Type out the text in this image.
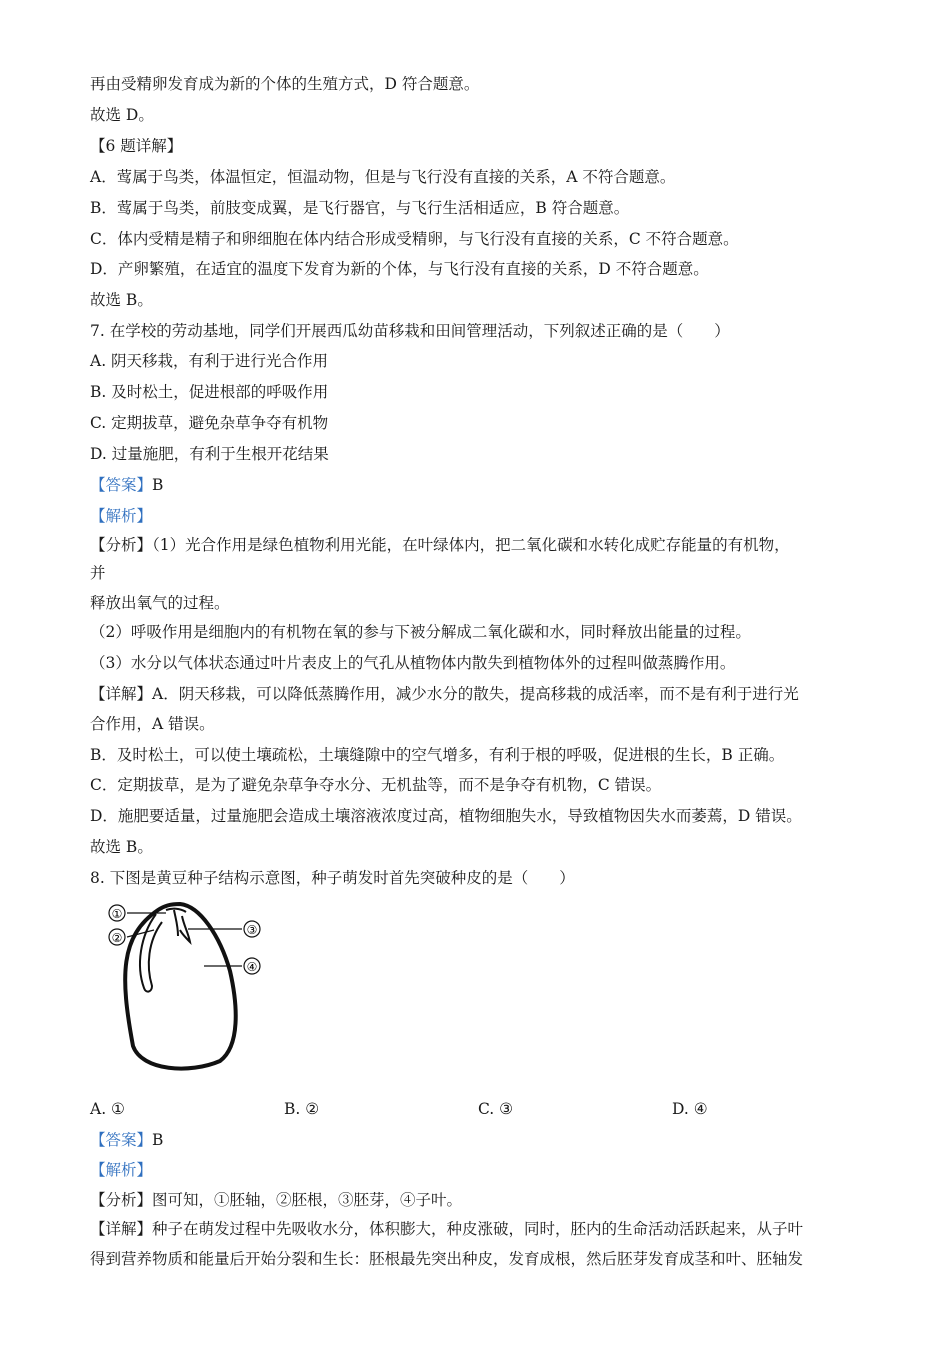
再由受精卵发育成为新的个体的生殖方式，D 符合题意。
故选 D。
【6 题详解】
A．莺属于鸟类，体温恒定，恒温动物，但是与飞行没有直接的关系，A 不符合题意。
B．莺属于鸟类，前肢变成翼，是飞行器官，与飞行生活相适应，B 符合题意。
C．体内受精是精子和卵细胞在体内结合形成受精卵，与飞行没有直接的关系，C 不符合题意。
D．产卵繁殖，在适宜的温度下发育为新的个体，与飞行没有直接的关系，D 不符合题意。
故选 B。
7. 在学校的劳动基地，同学们开展西瓜幼苗移栽和田间管理活动，下列叙述正确的是（　　）
A. 阴天移栽，有利于进行光合作用
B. 及时松土，促进根部的呼吸作用
C. 定期拔草，避免杂草争夺有机物
D. 过量施肥，有利于生根开花结果
【答案】B
【解析】
【分析】（1）光合作用是绿色植物利用光能，在叶绿体内，把二氧化碳和水转化成贮存能量的有机物，
并
释放出氧气的过程。
（2）呼吸作用是细胞内的有机物在氧的参与下被分解成二氧化碳和水，同时释放出能量的过程。
（3）水分以气体状态通过叶片表皮上的气孔从植物体内散失到植物体外的过程叫做蒸腾作用。
【详解】A．阴天移栽，可以降低蒸腾作用，减少水分的散失，提高移栽的成活率，而不是有利于进行光
合作用，A 错误。
B．及时松土，可以使土壤疏松，土壤缝隙中的空气增多，有利于根的呼吸，促进根的生长，B 正确。
C．定期拔草，是为了避免杂草争夺水分、无机盐等，而不是争夺有机物，C 错误。
D．施肥要适量，过量施肥会造成土壤溶液浓度过高，植物细胞失水，导致植物因失水而萎蔫，D 错误。
故选 B。
8. 下图是黄豆种子结构示意图，种子萌发时首先突破种皮的是（　　）
①
②
③
④
A. ①	B. ②	C. ③	D. ④
【答案】B
【解析】
【分析】图可知，①胚轴，②胚根，③胚芽，④子叶。
【详解】种子在萌发过程中先吸收水分，体积膨大，种皮涨破，同时，胚内的生命活动活跃起来，从子叶
得到营养物质和能量后开始分裂和生长：胚根最先突出种皮，发育成根，然后胚芽发育成茎和叶、胚轴发
